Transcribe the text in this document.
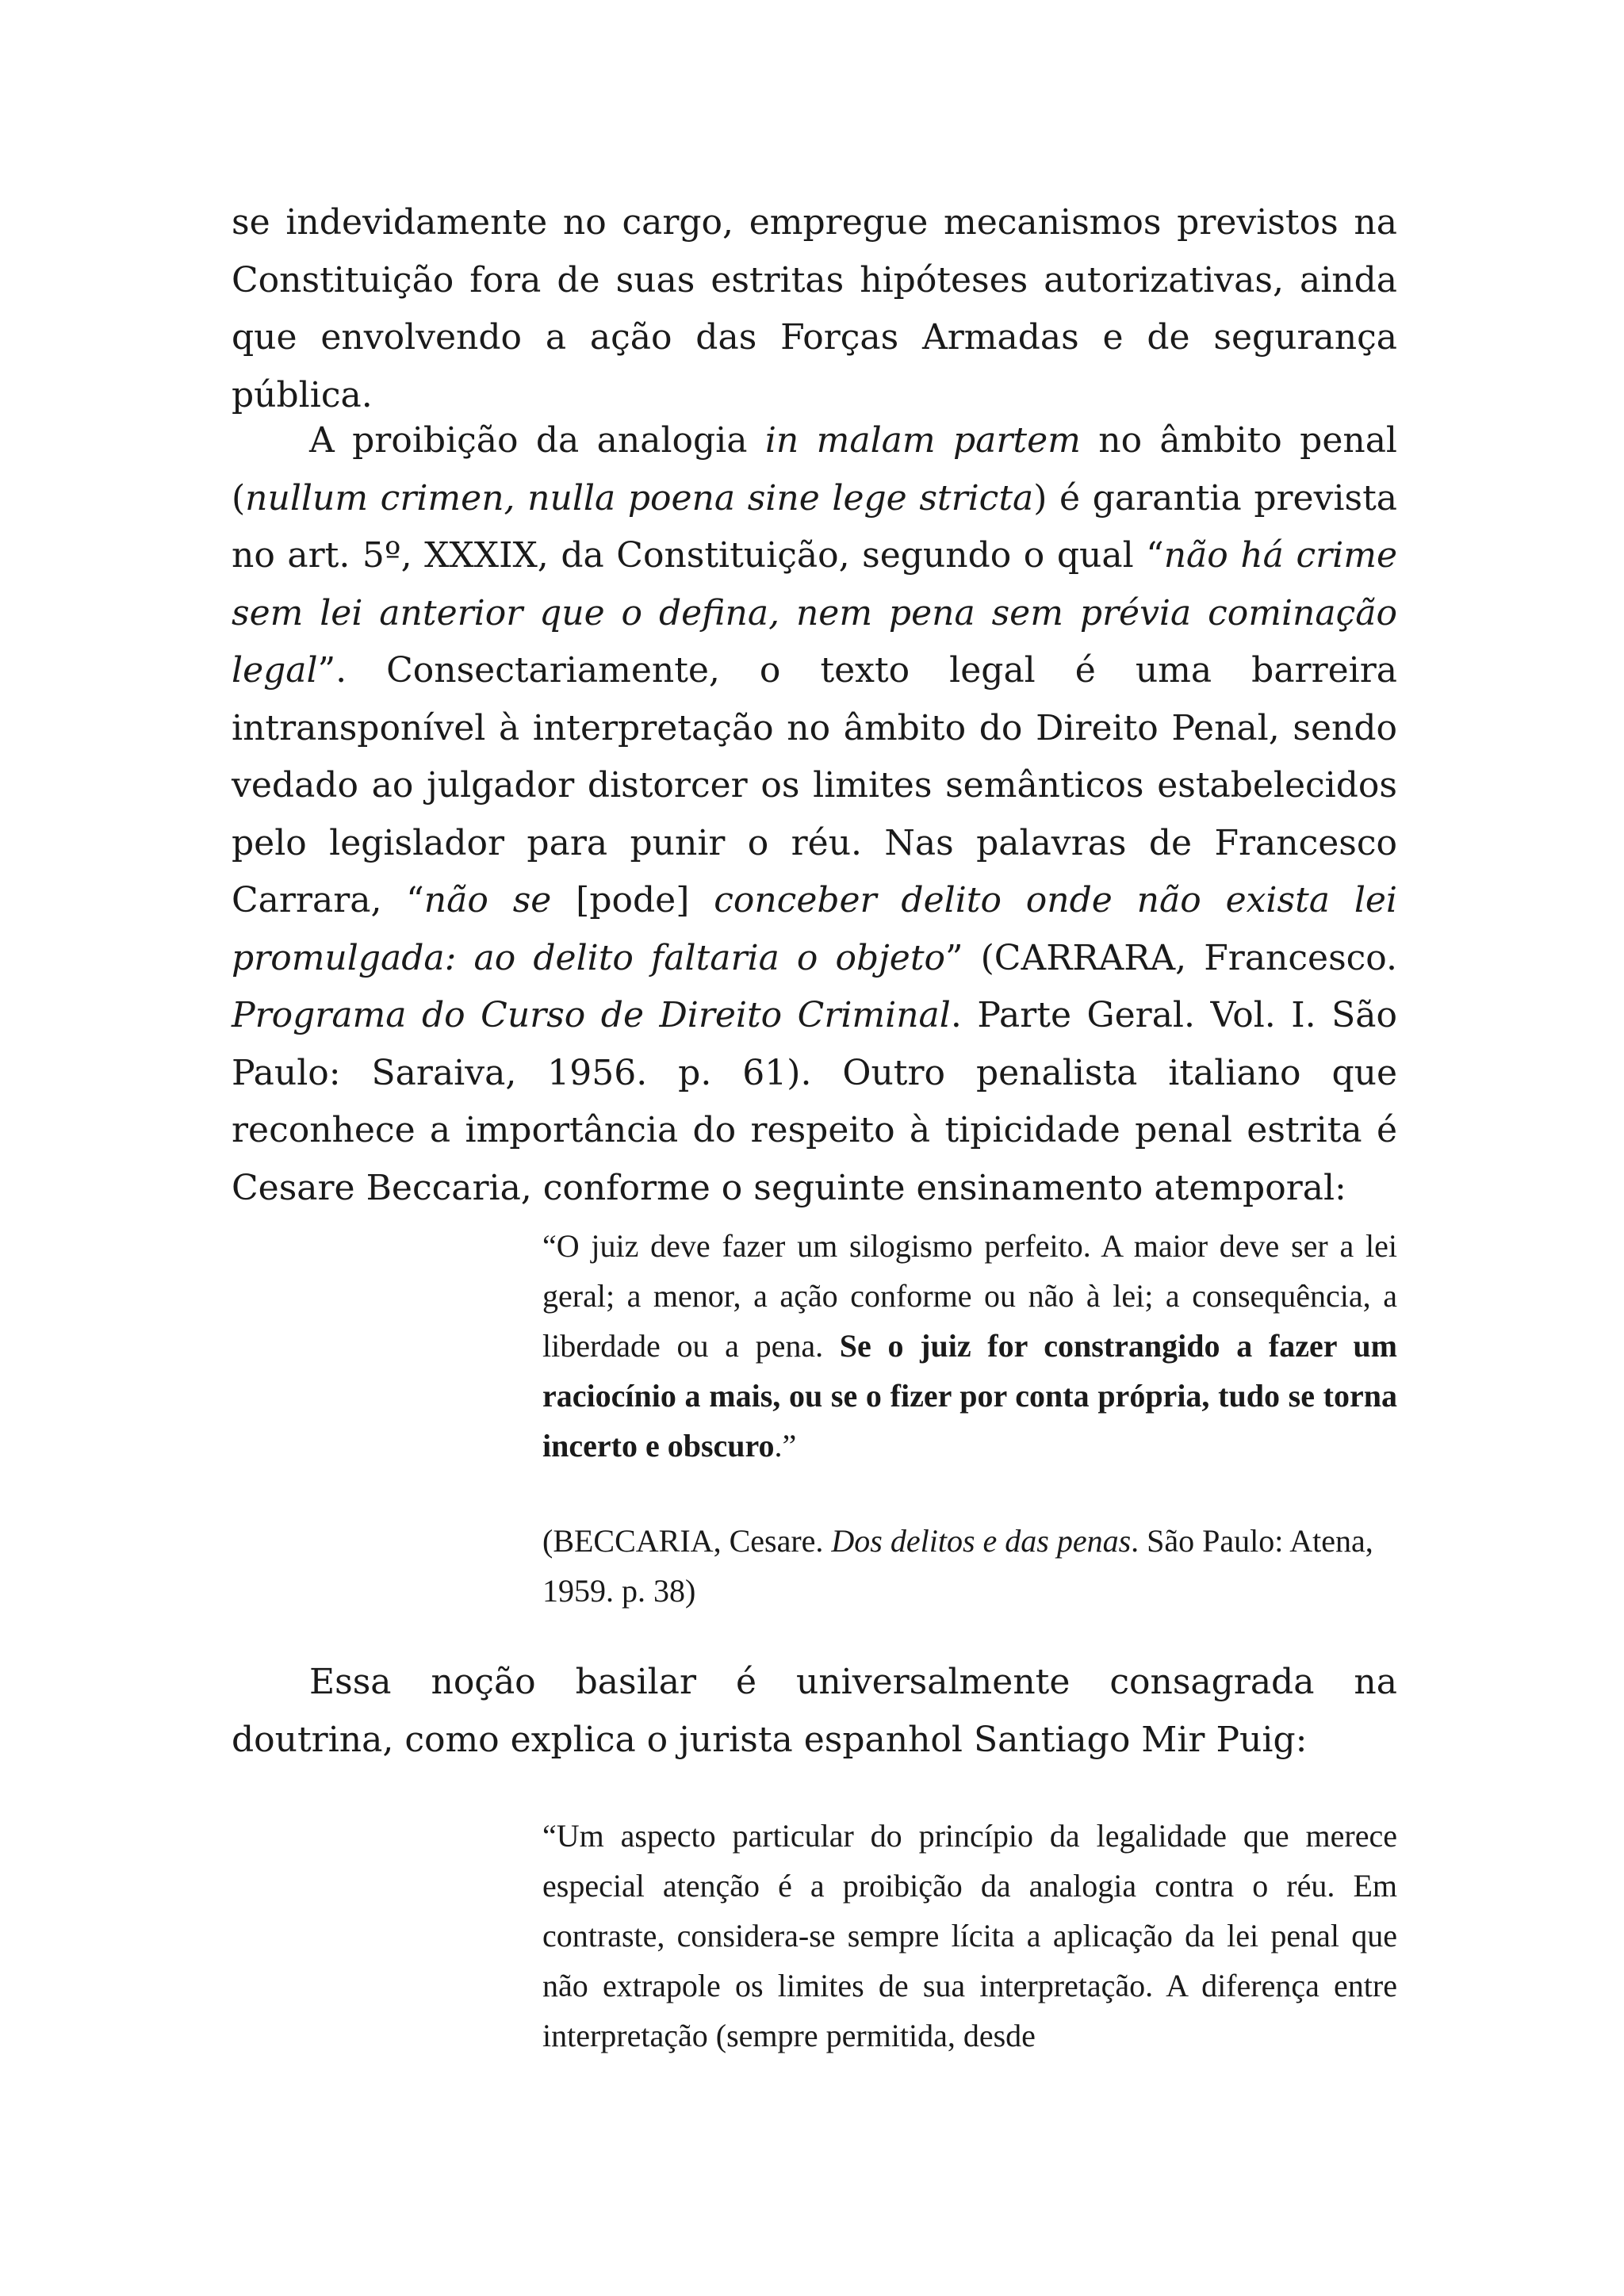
se indevidamente no cargo, empregue mecanismos previstos na Constituição fora de suas estritas hipóteses autorizativas, ainda que envolvendo a ação das Forças Armadas e de segurança pública.

A proibição da analogia in malam partem no âmbito penal (nullum crimen, nulla poena sine lege stricta) é garantia prevista no art. 5º, XXXIX, da Constituição, segundo o qual “não há crime sem lei anterior que o defina, nem pena sem prévia cominação legal”. Consectariamente, o texto legal é uma barreira intransponível à interpretação no âmbito do Direito Penal, sendo vedado ao julgador distorcer os limites semânticos estabelecidos pelo legislador para punir o réu. Nas palavras de Francesco Carrara, “não se [pode] conceber delito onde não exista lei promulgada: ao delito faltaria o objeto” (CARRARA, Francesco. Programa do Curso de Direito Criminal. Parte Geral. Vol. I. São Paulo: Saraiva, 1956. p. 61). Outro penalista italiano que reconhece a importância do respeito à tipicidade penal estrita é Cesare Beccaria, conforme o seguinte ensinamento atemporal:

“O juiz deve fazer um silogismo perfeito. A maior deve ser a lei geral; a menor, a ação conforme ou não à lei; a consequência, a liberdade ou a pena. Se o juiz for constrangido a fazer um raciocínio a mais, ou se o fizer por conta própria, tudo se torna incerto e obscuro.”

(BECCARIA, Cesare. Dos delitos e das penas. São Paulo: Atena, 1959. p. 38)

Essa noção basilar é universalmente consagrada na doutrina, como explica o jurista espanhol Santiago Mir Puig:

“Um aspecto particular do princípio da legalidade que merece especial atenção é a proibição da analogia contra o réu. Em contraste, considera-se sempre lícita a aplicação da lei penal que não extrapole os limites de sua interpretação. A diferença entre interpretação (sempre permitida, desde
